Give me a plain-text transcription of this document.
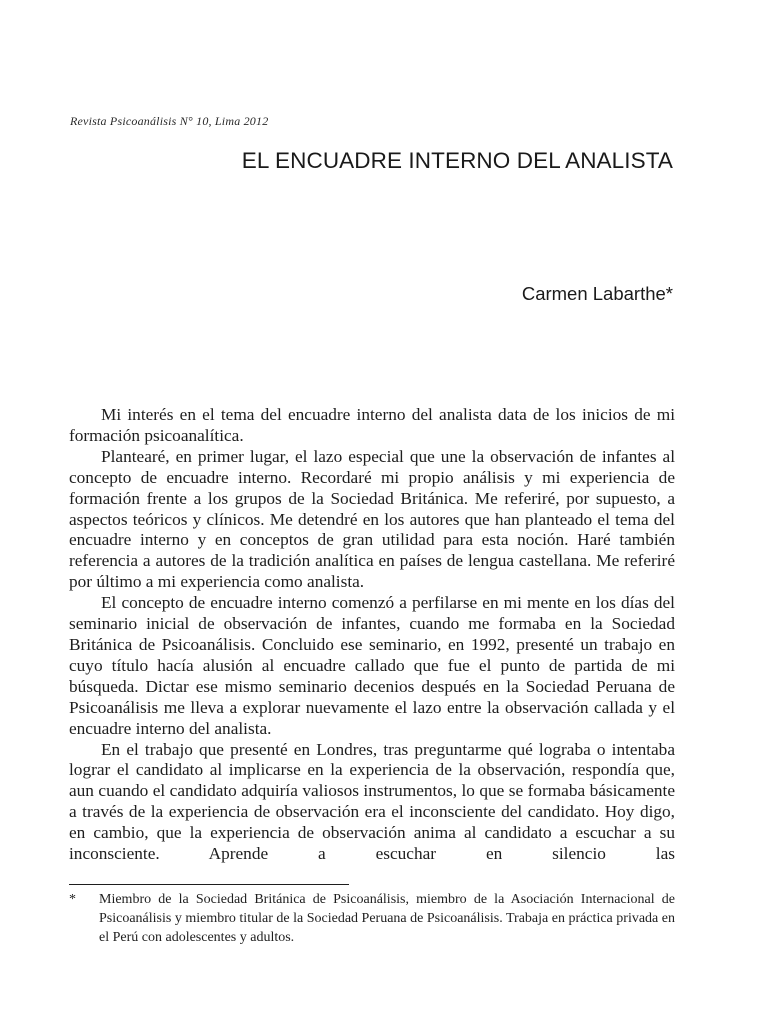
Revista Psicoanálisis N° 10, Lima 2012
EL ENCUADRE INTERNO DEL ANALISTA
Carmen Labarthe*

Mi interés en el tema del encuadre interno del analista data de los inicios de mi formación psicoanalítica.

Plantearé, en primer lugar, el lazo especial que une la observación de infantes al concepto de encuadre interno. Recordaré mi propio análisis y mi experiencia de formación frente a los grupos de la Sociedad Británica. Me referiré, por supuesto, a aspectos teóricos y clínicos. Me detendré en los autores que han planteado el tema del encuadre interno y en conceptos de gran utilidad para esta noción. Haré también referencia a autores de la tradición analítica en países de lengua castellana. Me referiré por último a mi experiencia como analista.

El concepto de encuadre interno comenzó a perfilarse en mi mente en los días del seminario inicial de observación de infantes, cuando me formaba en la Sociedad Británica de Psicoanálisis. Concluido ese seminario, en 1992, presenté un trabajo en cuyo título hacía alusión al encuadre callado que fue el punto de partida de mi búsqueda. Dictar ese mismo seminario decenios después en la Sociedad Peruana de Psicoanálisis me lleva a explorar nuevamente el lazo entre la observación callada y el encuadre interno del analista.

En el trabajo que presenté en Londres, tras preguntarme qué lograba o intentaba lograr el candidato al implicarse en la experiencia de la observación, respondía que, aun cuando el candidato adquiría valiosos instrumentos, lo que se formaba básicamente a través de la experiencia de observación era el inconsciente del candidato. Hoy digo, en cambio, que la experiencia de observación anima al candidato a escuchar a su inconsciente. Aprende a escuchar en silencio las

* Miembro de la Sociedad Británica de Psicoanálisis, miembro de la Asociación Internacional de Psicoanálisis y miembro titular de la Sociedad Peruana de Psicoanálisis. Trabaja en práctica privada en el Perú con adolescentes y adultos.
